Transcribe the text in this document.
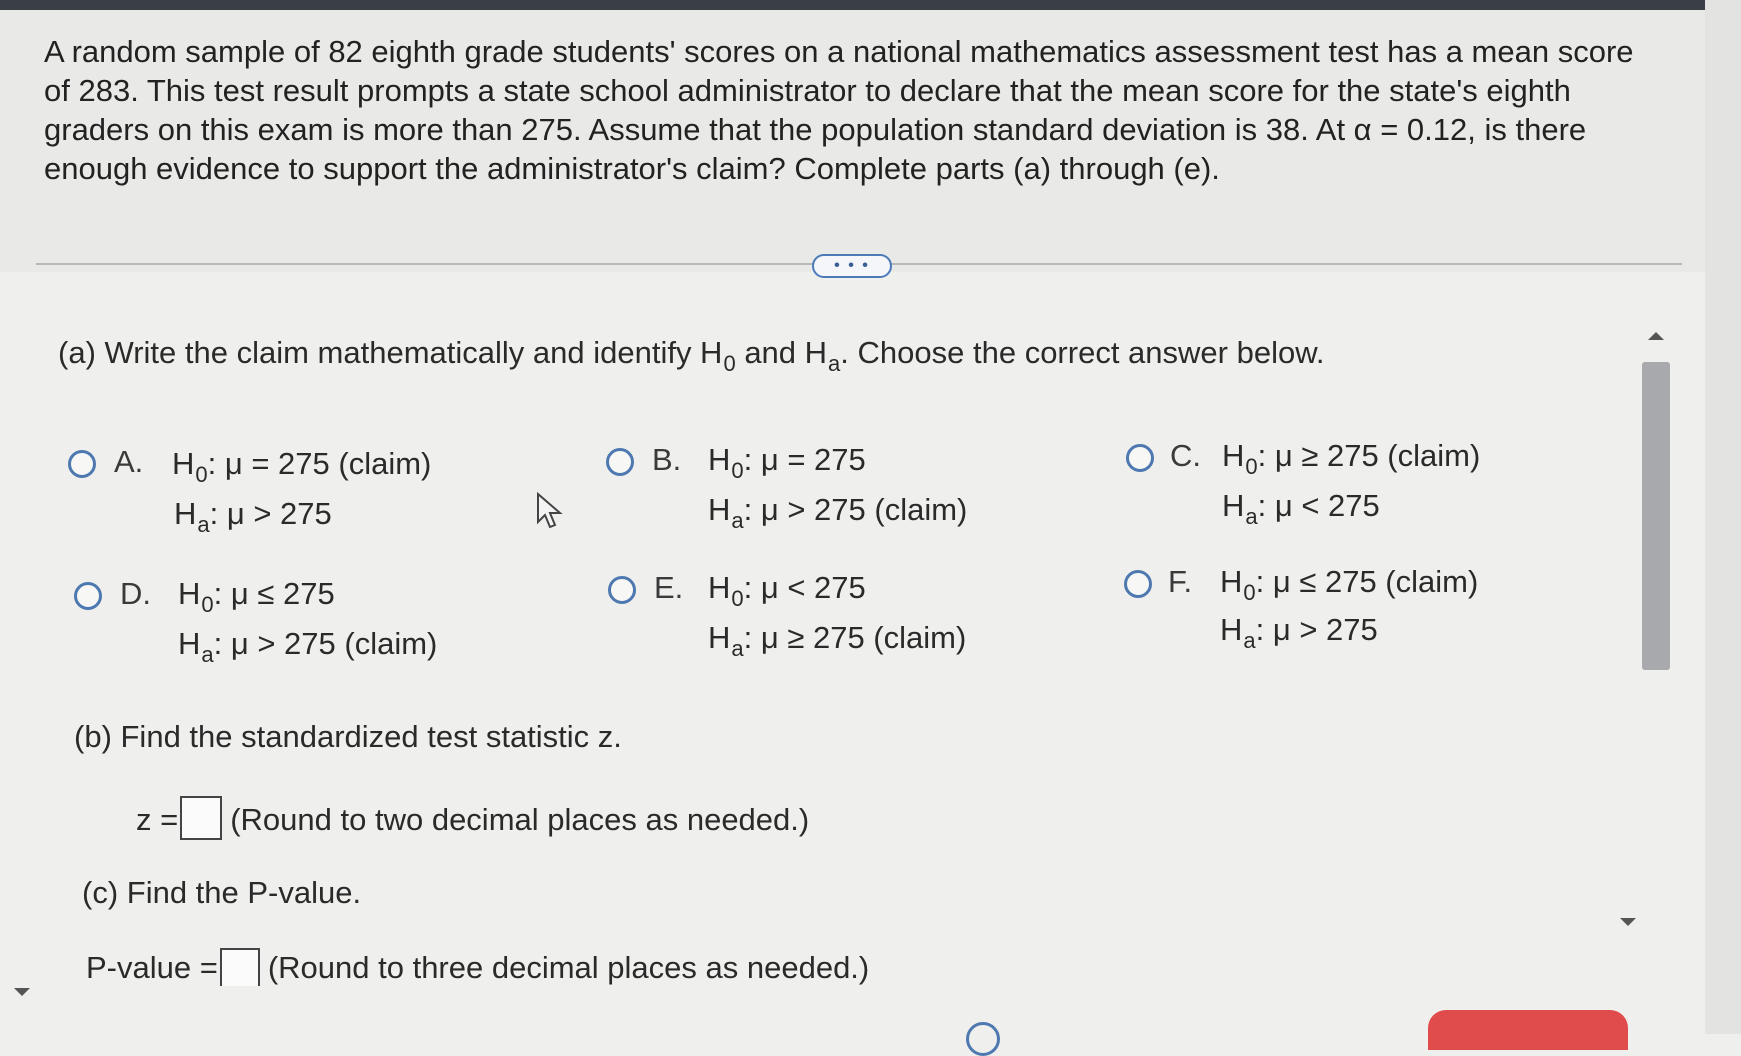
A random sample of 82 eighth grade students' scores on a national mathematics assessment test has a mean score of 283. This test result prompts a state school administrator to declare that the mean score for the state's eighth graders on this exam is more than 275. Assume that the population standard deviation is 38. At α = 0.12, is there enough evidence to support the administrator's claim? Complete parts (a) through (e).
• • •
(a) Write the claim mathematically and identify $H_0$ and $H_a$. Choose the correct answer below.
A. $H_0$: μ = 275 (claim)
$H_a$: μ > 275
B. $H_0$: μ = 275
$H_a$: μ > 275 (claim)
C. $H_0$: μ ≥ 275 (claim)
$H_a$: μ < 275
D. $H_0$: μ ≤ 275
$H_a$: μ > 275 (claim)
E. $H_0$: μ < 275
$H_a$: μ ≥ 275 (claim)
F. $H_0$: μ ≤ 275 (claim)
$H_a$: μ > 275
(b) Find the standardized test statistic z.
z = (Round to two decimal places as needed.)
(c) Find the P-value.
P-value = (Round to three decimal places as needed.)
